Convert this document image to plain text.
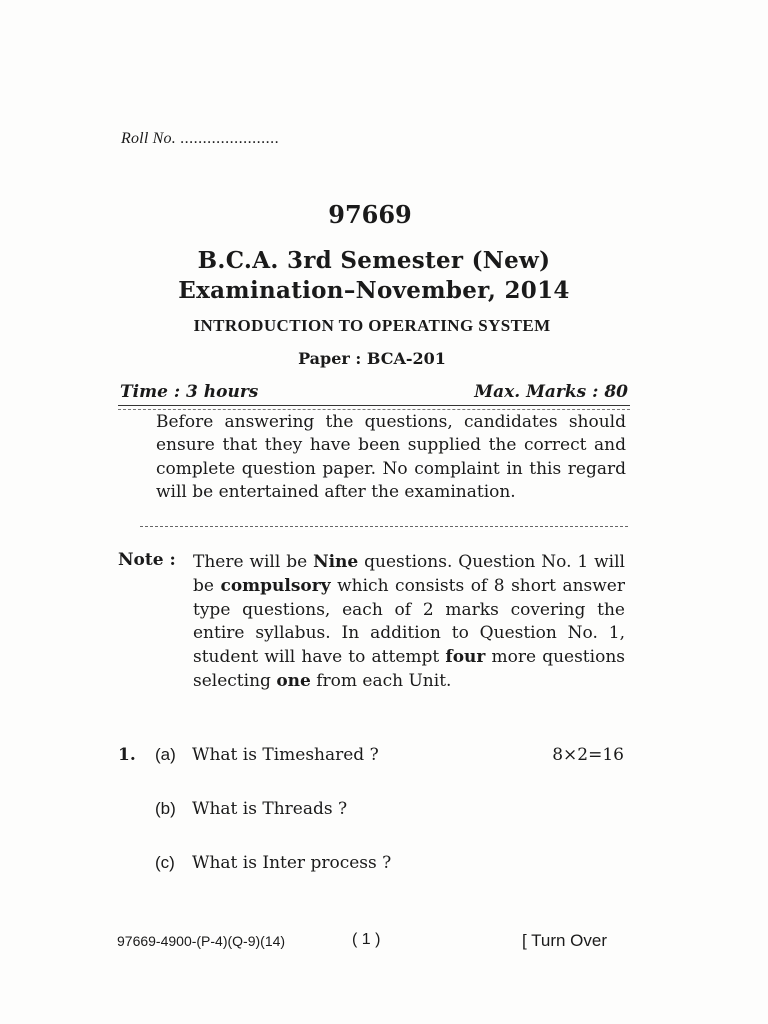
Roll No. ......................
97669
B.C.A. 3rd Semester (New)
Examination–November, 2014
INTRODUCTION TO OPERATING SYSTEM
Paper : BCA-201
Time : 3 hours	Max. Marks : 80
Before answering the questions, candidates should ensure that they have been supplied the correct and complete question paper. No complaint in this regard will be entertained after the examination.
Note : There will be Nine questions. Question No. 1 will be compulsory which consists of 8 short answer type questions, each of 2 marks covering the entire syllabus. In addition to Question No. 1, student will have to attempt four more questions selecting one from each Unit.
1. (a) What is Timeshared ?	8×2=16
(b) What is Threads ?
(c) What is Inter process ?
97669-4900-(P-4)(Q-9)(14)	( 1 )	[ Turn Over
